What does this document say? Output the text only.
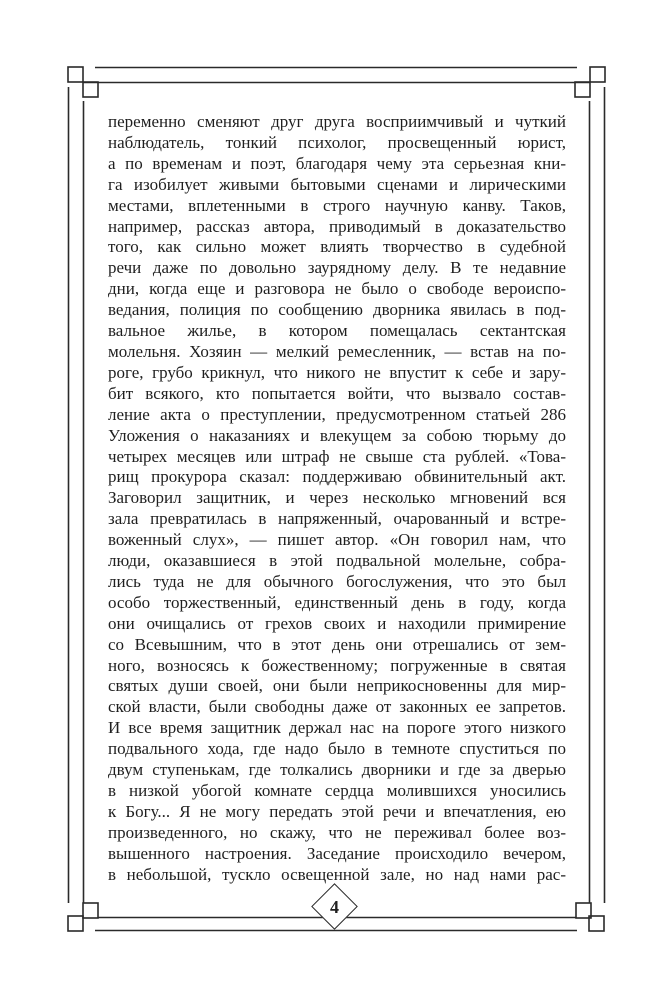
переменно сменяют друг друга восприимчивый и чуткий
наблюдатель, тонкий психолог, просвещенный юрист,
а по временам и поэт, благодаря чему эта серьезная кни-
га изобилует живыми бытовыми сценами и лирическими
местами, вплетенными в строго научную канву. Таков,
например, рассказ автора, приводимый в доказательство
того, как сильно может влиять творчество в судебной
речи даже по довольно заурядному делу. В те недавние
дни, когда еще и разговора не было о свободе вероиспо-
ведания, полиция по сообщению дворника явилась в под-
вальное жилье, в котором помещалась сектантская
молельня. Хозяин — мелкий ремесленник, — встав на по-
роге, грубо крикнул, что никого не впустит к себе и зару-
бит всякого, кто попытается войти, что вызвало состав-
ление акта о преступлении, предусмотренном статьей 286
Уложения о наказаниях и влекущем за собою тюрьму до
четырех месяцев или штраф не свыше ста рублей. «Това-
рищ прокурора сказал: поддерживаю обвинительный акт.
Заговорил защитник, и через несколько мгновений вся
зала превратилась в напряженный, очарованный и встре-
воженный слух», — пишет автор. «Он говорил нам, что
люди, оказавшиеся в этой подвальной молельне, собра-
лись туда не для обычного богослужения, что это был
особо торжественный, единственный день в году, когда
они очищались от грехов своих и находили примирение
со Всевышним, что в этот день они отрешались от зем-
ного, возносясь к божественному; погруженные в святая
святых души своей, они были неприкосновенны для мир-
ской власти, были свободны даже от законных ее запретов.
И все время защитник держал нас на пороге этого низкого
подвального хода, где надо было в темноте спуститься по
двум ступенькам, где толкались дворники и где за дверью
в низкой убогой комнате сердца молившихся уносились
к Богу... Я не могу передать этой речи и впечатления, ею
произведенного, но скажу, что не переживал более воз-
вышенного настроения. Заседание происходило вечером,
в небольшой, тускло освещенной зале, но над нами рас-
4
